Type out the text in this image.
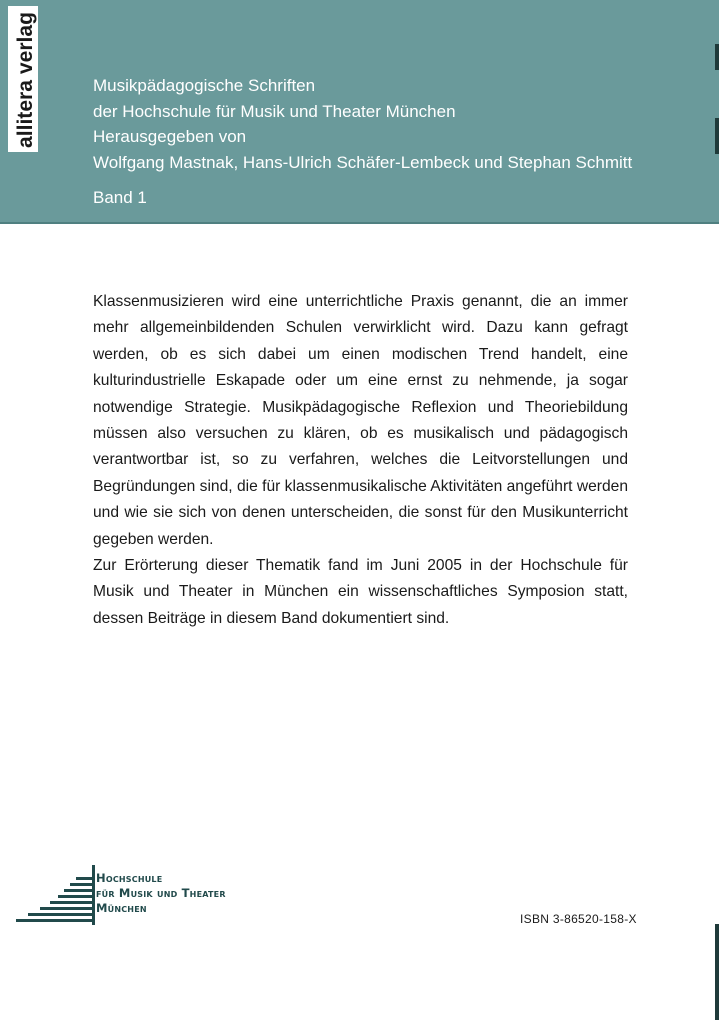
allitera verlag	Musikpädagogische Schriften
der Hochschule für Musik und Theater München
Herausgegeben von
Wolfgang Mastnak, Hans-Ulrich Schäfer-Lembeck und Stephan Schmitt
Band 1

Klassenmusizieren wird eine unterrichtliche Praxis genannt, die an immer mehr allgemeinbildenden Schulen verwirklicht wird. Dazu kann gefragt werden, ob es sich dabei um einen modischen Trend handelt, eine kulturindustrielle Eskapade oder um eine ernst zu nehmende, ja sogar notwendige Strategie. Musikpädagogische Reflexion und Theoriebildung müssen also versuchen zu klären, ob es musikalisch und pädagogisch verantwortbar ist, so zu verfahren, welches die Leitvorstellungen und Begründungen sind, die für klassenmusikalische Aktivitäten angeführt werden und wie sie sich von denen unterscheiden, die sonst für den Musikunterricht gegeben werden.

Zur Erörterung dieser Thematik fand im Juni 2005 in der Hochschule für Musik und Theater in München ein wissenschaftliches Symposion statt, dessen Beiträge in diesem Band dokumentiert sind.

Hochschule
für Musik und Theater
München
ISBN 3-86520-158-X
